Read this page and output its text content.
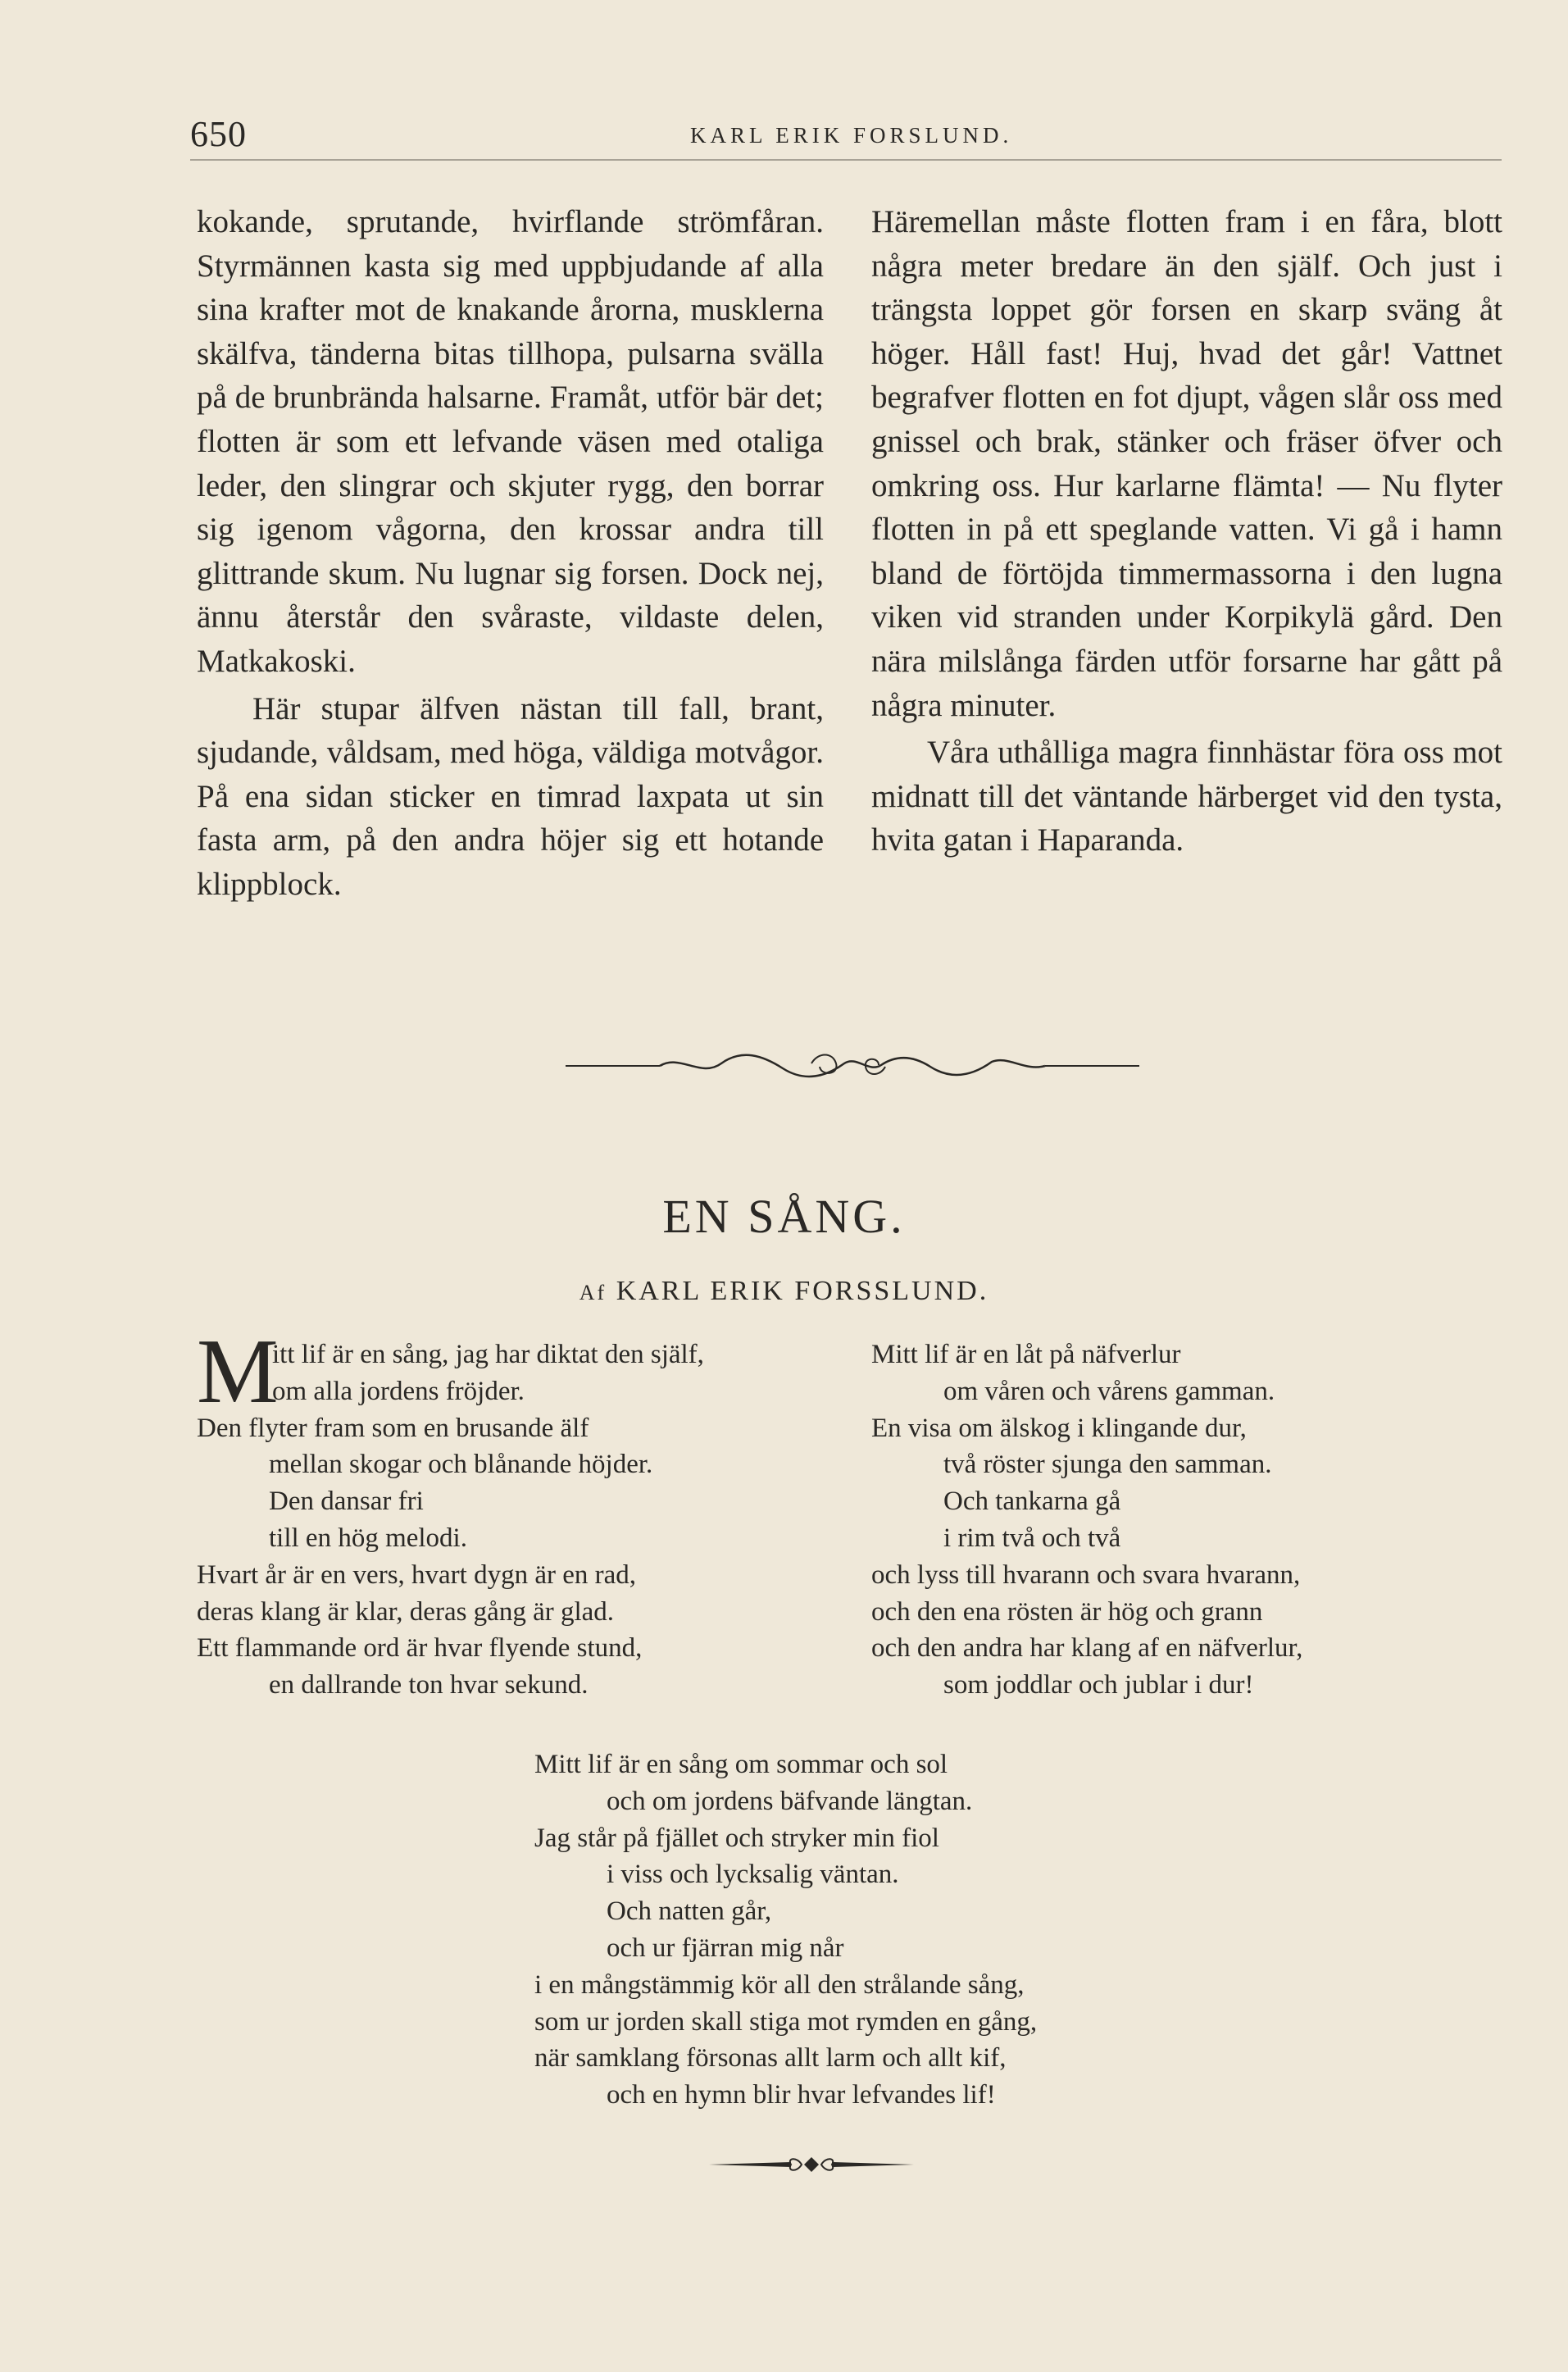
650	KARL ERIK FORSLUND.

kokande, sprutande, hvirflande strömfåran. Styrmännen kasta sig med uppbjudande af alla sina krafter mot de knakande årorna, musklerna skälfva, tänderna bitas tillhopa, pulsarna svälla på de brunbrända halsarne. Framåt, utför bär det; flotten är som ett lefvande väsen med otaliga leder, den slingrar och skjuter rygg, den borrar sig igenom vågorna, den krossar andra till glittrande skum. Nu lugnar sig forsen. Dock nej, ännu återstår den svåraste, vildaste delen, Matkakoski.

Här stupar älfven nästan till fall, brant, sjudande, våldsam, med höga, väldiga motvågor. På ena sidan sticker en timrad laxpata ut sin fasta arm, på den andra höjer sig ett hotande klippblock.

Häremellan måste flotten fram i en fåra, blott några meter bredare än den själf. Och just i trängsta loppet gör forsen en skarp sväng åt höger. Håll fast! Huj, hvad det går! Vattnet begrafver flotten en fot djupt, vågen slår oss med gnissel och brak, stänker och fräser öfver och omkring oss. Hur karlarne flämta! — Nu flyter flotten in på ett speglande vatten. Vi gå i hamn bland de förtöjda timmermassorna i den lugna viken vid stranden under Korpikylä gård. Den nära milslånga färden utför forsarne har gått på några minuter.

Våra uthålliga magra finnhästar föra oss mot midnatt till det väntande härberget vid den tysta, hvita gatan i Haparanda.

EN SÅNG.
Af KARL ERIK FORSSLUND.
M
itt lif är en sång, jag har diktat den själf,
om alla jordens fröjder.
Den flyter fram som en brusande älf
mellan skogar och blånande höjder.
Den dansar fri
till en hög melodi.
Hvart år är en vers, hvart dygn är en rad,
deras klang är klar, deras gång är glad.
Ett flammande ord är hvar flyende stund,
en dallrande ton hvar sekund.
Mitt lif är en låt på näfverlur
om våren och vårens gamman.
En visa om älskog i klingande dur,
två röster sjunga den samman.
Och tankarna gå
i rim två och två
och lyss till hvarann och svara hvarann,
och den ena rösten är hög och grann
och den andra har klang af en näfverlur,
som joddlar och jublar i dur!
Mitt lif är en sång om sommar och sol
och om jordens bäfvande längtan.
Jag står på fjället och stryker min fiol
i viss och lycksalig väntan.
Och natten går,
och ur fjärran mig når
i en mångstämmig kör all den strålande sång,
som ur jorden skall stiga mot rymden en gång,
när samklang försonas allt larm och allt kif,
och en hymn blir hvar lefvandes lif!
